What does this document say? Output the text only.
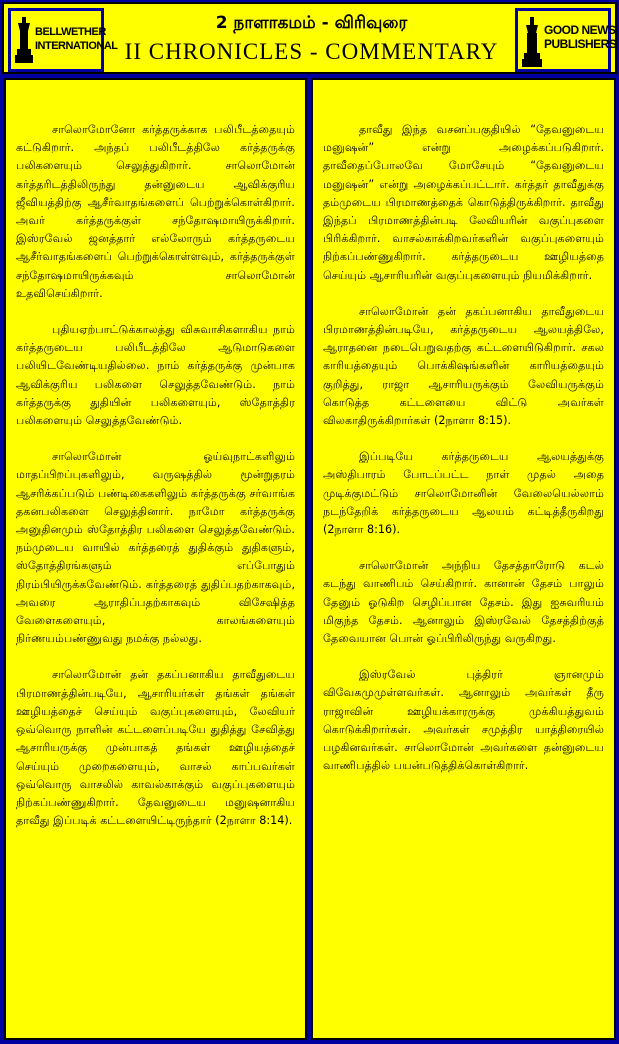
BELLWETHER
INTERNATIONAL
2 நாளாகமம் - விரிவுரை
II CHRONICLES - COMMENTARY
GOOD NEWS
PUBLISHERS

சாலொமோனோ கர்த்தருக்காக பலிபீடத்தையும் கட்டுகிறார். அந்தப் பலிபீடத்திலே கர்த்தருக்கு பலிகளையும் செலுத்துகிறார். சாலொமோன் கர்த்தரிடத்திலிருந்து தன்னுடைய ஆவிக்குரிய ஜீவியத்திற்கு ஆசீர்வாதங்களைப் பெற்றுக்கொள்கிறார். அவர் கர்த்தருக்குள் சந்தோஷமாயிருக்கிறார். இஸ்ரவேல் ஜனத்தார் எல்லோரும் கர்த்தருடைய ஆசீர்வாதங்களைப் பெற்றுக்கொள்ளவும், கர்த்தருக்குள் சந்தோஷமாயிருக்கவும் சாலொமோன் உதவிசெய்கிறார்.

புதியஏற்பாட்டுக்காலத்து விசுவாசிகளாகிய நாம் கர்த்தருடைய பலிபீடத்திலே ஆடுமாடுகளை பலியிடவேண்டியதில்லை. நாம் கர்த்தருக்கு முன்பாக ஆவிக்குரிய பலிகளை செலுத்தவேண்டும். நாம் கர்த்தருக்கு துதியின் பலிகளையும், ஸ்தோத்திர பலிகளையும் செலுத்தவேண்டும்.

சாலொமோன் ஓய்வுநாட்களிலும் மாதப்பிறப்புகளிலும், வருஷத்தில் மூன்றுதரம் ஆசரிக்கப்படும் பண்டிகைகளிலும் கர்த்தருக்கு சர்வாங்க தகனபலிகளை செலுத்தினார். நாமோ கர்த்தருக்கு அனுதினமும் ஸ்தோத்திர பலிகளை செலுத்தவேண்டும். நம்முடைய வாயில் கர்த்தரைத் துதிக்கும் துதிகளும், ஸ்தோத்திரங்களும் எப்போதும் நிரம்பியிருக்கவேண்டும். கர்த்தரைத் துதிப்பதற்காகவும், அவரை ஆராதிப்பதற்காகவும் விசேஷித்த வேளைகளையும், காலங்களையும் நிர்ணயம்பண்ணுவது நமக்கு நல்லது.

சாலொமோன் தன் தகப்பனாகிய தாவீதுடைய பிரமாணத்தின்படியே, ஆசாரியர்கள் தங்கள் தங்கள் ஊழியத்தைச் செய்யும் வகுப்புகளையும், லேவியர் ஒவ்வொரு நாளின் கட்டளைப்படியே துதித்து சேவித்து ஆசாரியருக்கு முன்பாகத் தங்கள் ஊழியத்தைச் செய்யும் முறைகளையும், வாசல் காப்பவர்கள் ஒவ்வொரு வாசலில் காவல்காக்கும் வகுப்புகளையும் நிற்கப்பண்ணுகிறார். தேவனுடைய மனுஷனாகிய தாவீது இப்படிக் கட்டளையிட்டிருந்தார் (2நாளா 8:14).

தாவீது இந்த வசனப்பகுதியில் “தேவனுடைய மனுஷன்” என்று அழைக்கப்படுகிறார். தாவீதைப்போலவே மோசேயும் “தேவனுடைய மனுஷன்” என்று அழைக்கப்பட்டார். கர்த்தர் தாவீதுக்கு தம்முடைய பிரமாணத்தைக் கொடுத்திருக்கிறார். தாவீது இந்தப் பிரமாணத்தின்படி லேவியரின் வகுப்புகளை பிரிக்கிறார். வாசல்காக்கிறவர்களின் வகுப்புகளையும் நிற்கப்பண்ணுகிறார். கர்த்தருடைய ஊழியத்தை செய்யும் ஆசாரியரின் வகுப்புகளையும் நியமிக்கிறார்.

சாலொமோன் தன் தகப்பனாகிய தாவீதுடைய பிரமாணத்தின்படியே, கர்த்தருடைய ஆலயத்திலே, ஆராதனை நடைபெறுவதற்கு கட்டளையிடுகிறார். சகல காரியத்தையும் பொக்கிஷங்களின் காரியத்தையும் குறித்து, ராஜா ஆசாரியருக்கும் லேவியருக்கும் கொடுத்த கட்டளையை விட்டு அவர்கள் விலகாதிருக்கிறார்கள் (2நாளா 8:15).

இப்படியே கர்த்தருடைய ஆலயத்துக்கு அஸ்திபாரம் போடப்பட்ட நாள் முதல் அதை முடிக்குமட்டும் சாலொமோனின் வேலையெல்லாம் நடந்தேறிக் கர்த்தருடைய ஆலயம் கட்டித்தீருகிறது (2நாளா 8:16).

சாலொமோன் அந்நிய தேசத்தாரோடு கடல் கடந்து வாணிபம் செய்கிறார். கானான் தேசம் பாலும் தேனும் ஓடுகிற செழிப்பான தேசம். இது ஐசுவரியம் மிகுந்த தேசம். ஆனாலும் இஸ்ரவேல் தேசத்திற்குத் தேவையான பொன் ஓப்பிரிலிருந்து வருகிறது.

இஸ்ரவேல் புத்திரர் ஞானமும் விவேகமுமுள்ளவர்கள். ஆனாலும் அவர்கள் தீரு ராஜாவின் ஊழியக்காரருக்கு முக்கியத்துவம் கொடுக்கிறார்கள். அவர்கள் சமுத்திர யாத்திரையில் பழகினவர்கள். சாலொமோன் அவர்களை தன்னுடைய வாணிபத்தில் பயன்படுத்திக்கொள்கிறார்.
